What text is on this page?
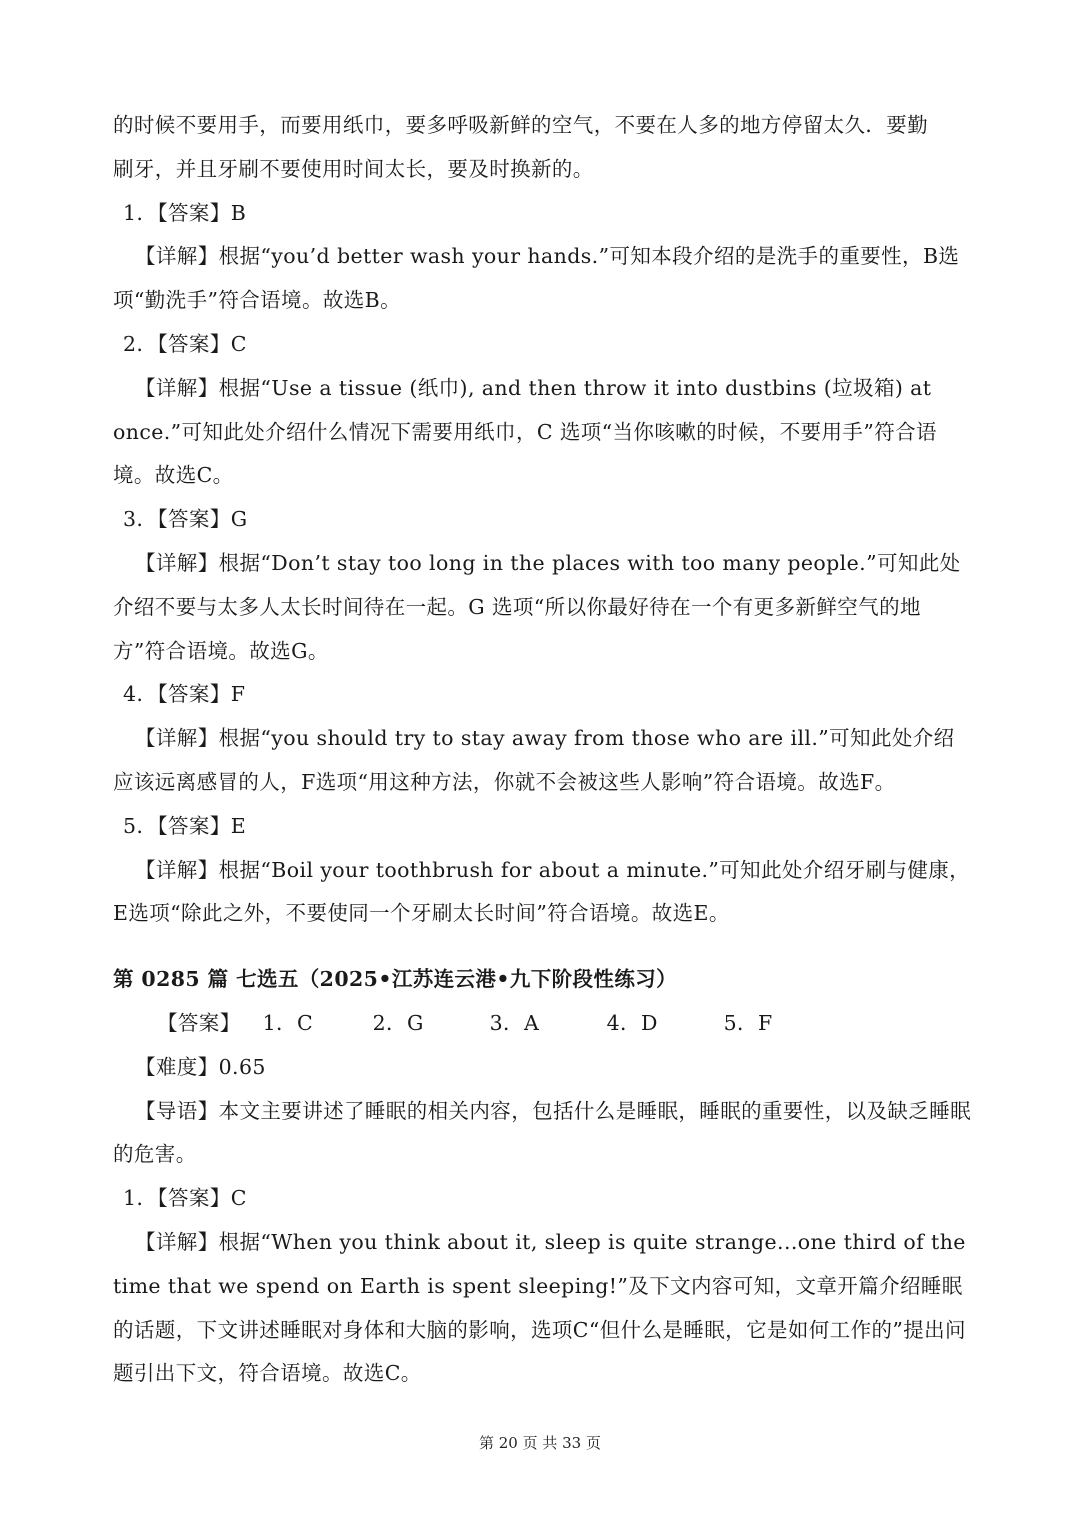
的时候不要用手，而要用纸巾，要多呼吸新鲜的空气，不要在人多的地方停留太久．要勤

刷牙，并且牙刷不要使用时间太长，要及时换新的。

1．【答案】B

【详解】根据“you’d better wash your hands.”可知本段介绍的是洗手的重要性，B选项“勤洗手”符合语境。故选B。

2．【答案】C

【详解】根据“Use a tissue (纸巾), and then throw it into dustbins (垃圾箱) at once.”可知此处介绍什么情况下需要用纸巾，C 选项“当你咳嗽的时候，不要用手”符合语境。故选C。

3．【答案】G

【详解】根据“Don’t stay too long in the places with too many people.”可知此处介绍不要与太多人太长时间待在一起。G 选项“所以你最好待在一个有更多新鲜空气的地方”符合语境。故选G。

4．【答案】F

【详解】根据“you should try to stay away from those who are ill.”可知此处介绍应该远离感冒的人，F选项“用这种方法，你就不会被这些人影响”符合语境。故选F。

5．【答案】E

【详解】根据“Boil your toothbrush for about a minute.”可知此处介绍牙刷与健康，E选项“除此之外，不要使同一个牙刷太长时间”符合语境。故选E。

第 0285 篇 七选五（2025•江苏连云港•九下阶段性练习）

【答案】 1．C	2．G	3．A	4．D	5．F

【难度】0.65

【导语】本文主要讲述了睡眠的相关内容，包括什么是睡眠，睡眠的重要性，以及缺乏睡眠的危害。

1．【答案】C

【详解】根据“When you think about it, sleep is quite strange...one third of the time that we spend on Earth is spent sleeping!”及下文内容可知，文章开篇介绍睡眠的话题，下文讲述睡眠对身体和大脑的影响，选项C“但什么是睡眠，它是如何工作的”提出问题引出下文，符合语境。故选C。

第 20 页 共 33 页
